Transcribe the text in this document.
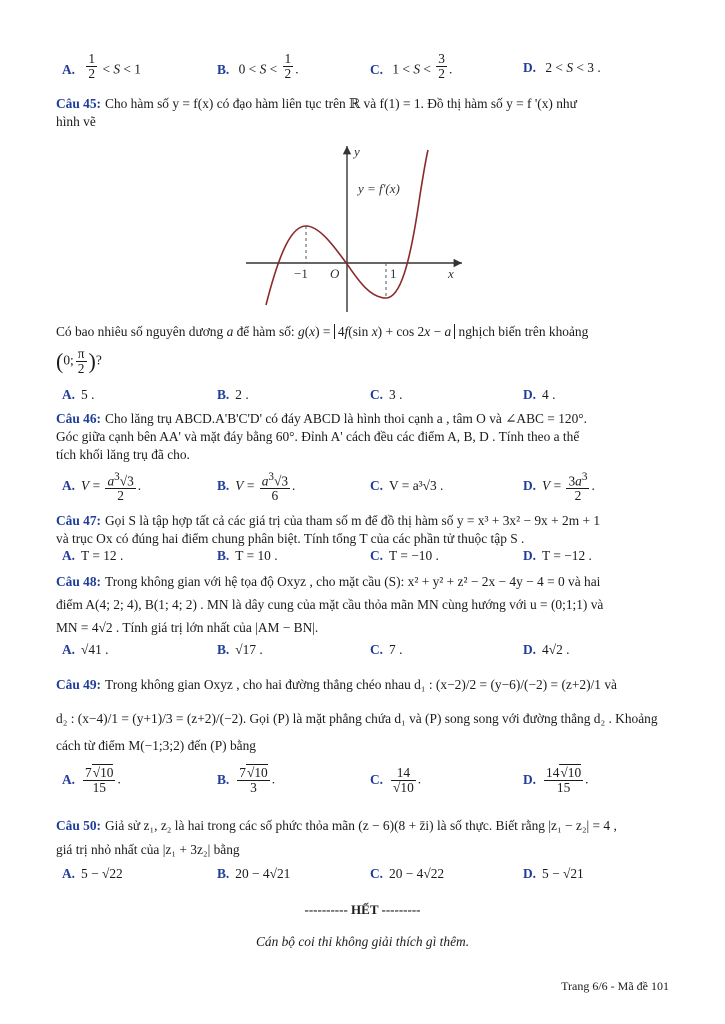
A. $\frac{1}{2} < S < 1$	B. $0 < S < \frac{1}{2}$ .	C. $1 < S < \frac{3}{2}$ .	D. 2 < S < 3 .
Câu 45: Cho hàm số y = f(x) có đạo hàm liên tục trên ℝ và f(1) = 1. Đồ thị hàm số y = f '(x) như
hình vẽ
y = f'(x)
y
x
O
−1	1
Có bao nhiêu số nguyên dương a để hàm số: g(x) = 4f(sin x) + cos 2x − a nghịch biến trên khoảng
(0; $\frac{\pi}{2}$ )?
A. 5 .	B. 2 .	C. 3 .	D. 4 .
Câu 46: Cho lăng trụ ABCD.A'B'C'D' có đáy ABCD là hình thoi cạnh a , tâm O và ∠ABC = 120°.
Góc giữa cạnh bên AA' và mặt đáy bằng 60°. Đỉnh A' cách đều các điểm A, B, D . Tính theo a thể
tích khối lăng trụ đã cho.
A. $V = \frac{a^3√3}{2}$ .	B. $V = \frac{a^3√3}{6}$ .	C. V = a³√3 .	D. $V = \frac{3a^3}{2}$ .
Câu 47: Gọi S là tập hợp tất cả các giá trị của tham số m để đồ thị hàm số y = x³ + 3x² − 9x + 2m + 1
và trục Ox có đúng hai điểm chung phân biệt. Tính tổng T của các phần tử thuộc tập S .
A. T = 12 .	B. T = 10 .	C. T = −10 .	D. T = −12 .
Câu 48: Trong không gian với hệ tọa độ Oxyz , cho mặt cầu (S): x² + y² + z² − 2x − 4y − 4 = 0 và hai
điểm A(4; 2; 4), B(1; 4; 2) . MN là dây cung của mặt cầu thỏa mãn MN cùng hướng với u = (0;1;1) và
MN = 4√2 . Tính giá trị lớn nhất của |AM − BN|.
A. √41 .	B. √17 .	C. 7 .	D. 4√2 .
Câu 49: Trong không gian Oxyz , cho hai đường thẳng chéo nhau d₁ : (x−2)/2 = (y−6)/(−2) = (z+2)/1 và
d₂ : (x−4)/1 = (y+1)/3 = (z+2)/(−2). Gọi (P) là mặt phẳng chứa d₁ và (P) song song với đường thẳng d₂ . Khoảng
cách từ điểm M(−1;3;2) đến (P) bằng
A. $\frac{7√10}{15}$ .	B. $\frac{7√10}{3}$ .	C. $\frac{14}{√10}$ .	D. $\frac{14√10}{15}$ .
Câu 50: Giả sử z₁, z₂ là hai trong các số phức thỏa mãn (z − 6)(8 + z̄i) là số thực. Biết rằng |z₁ − z₂| = 4 ,
giá trị nhỏ nhất của |z₁ + 3z₂| bằng
A. 5 − √22	B. 20 − 4√21	C. 20 − 4√22	D. 5 − √21
---------- HẾT ---------
Cán bộ coi thi không giải thích gì thêm.
Trang 6/6 - Mã đề 101
